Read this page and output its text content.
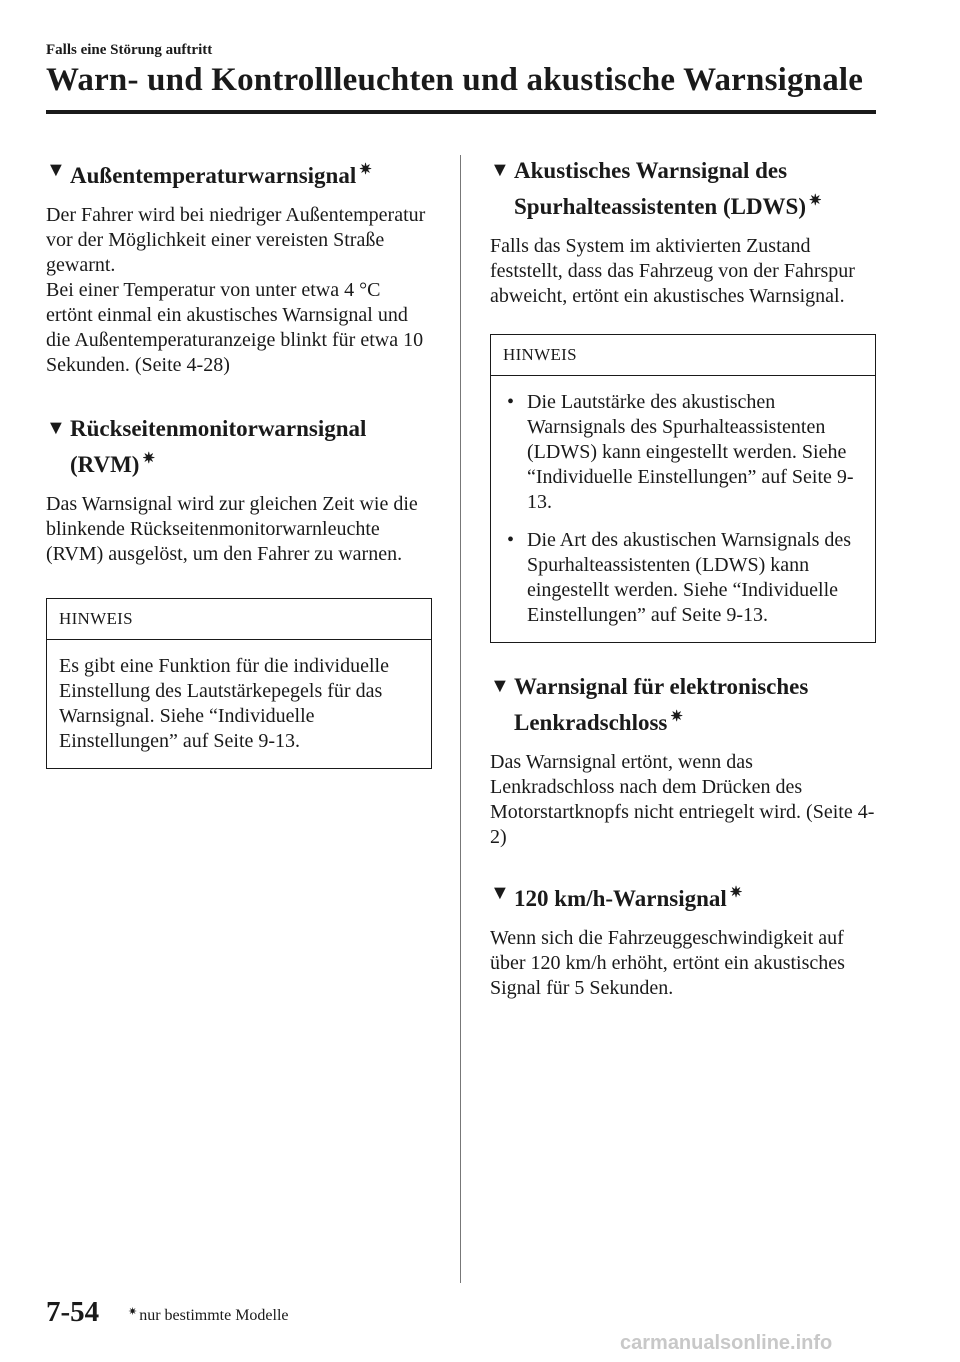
Falls eine Störung auftritt
Warn- und Kontrollleuchten und akustische Warnsignale
▼ Außentemperaturwarnsignal ✷

Der Fahrer wird bei niedriger Außentemperatur vor der Möglichkeit einer vereisten Straße gewarnt.
Bei einer Temperatur von unter etwa 4 °C ertönt einmal ein akustisches Warnsignal und die Außentemperaturanzeige blinkt für etwa 10 Sekunden. (Seite 4-28)

▼ Rückseitenmonitorwarnsignal
(RVM) ✷

Das Warnsignal wird zur gleichen Zeit wie die blinkende Rückseitenmonitorwarnleuchte (RVM) ausgelöst, um den Fahrer zu warnen.

HINWEIS
Es gibt eine Funktion für die individuelle Einstellung des Lautstärkepegels für das Warnsignal. Siehe “Individuelle Einstellungen” auf Seite 9-13.
▼ Akustisches Warnsignal des
Spurhalteassistenten (LDWS) ✷

Falls das System im aktivierten Zustand feststellt, dass das Fahrzeug von der Fahrspur abweicht, ertönt ein akustisches Warnsignal.

HINWEIS
• Die Lautstärke des akustischen Warnsignals des Spurhalteassistenten (LDWS) kann eingestellt werden. Siehe “Individuelle Einstellungen” auf Seite 9-13.
• Die Art des akustischen Warnsignals des Spurhalteassistenten (LDWS) kann eingestellt werden. Siehe “Individuelle Einstellungen” auf Seite 9-13.
▼ Warnsignal für elektronisches
Lenkradschloss ✷

Das Warnsignal ertönt, wenn das Lenkradschloss nach dem Drücken des Motorstartknopfs nicht entriegelt wird. (Seite 4-2)

▼ 120 km/h-Warnsignal ✷

Wenn sich die Fahrzeuggeschwindigkeit auf über 120 km/h erhöht, ertönt ein akustisches Signal für 5 Sekunden.

7-54	✷ nur bestimmte Modelle
carmanualsonline.info
